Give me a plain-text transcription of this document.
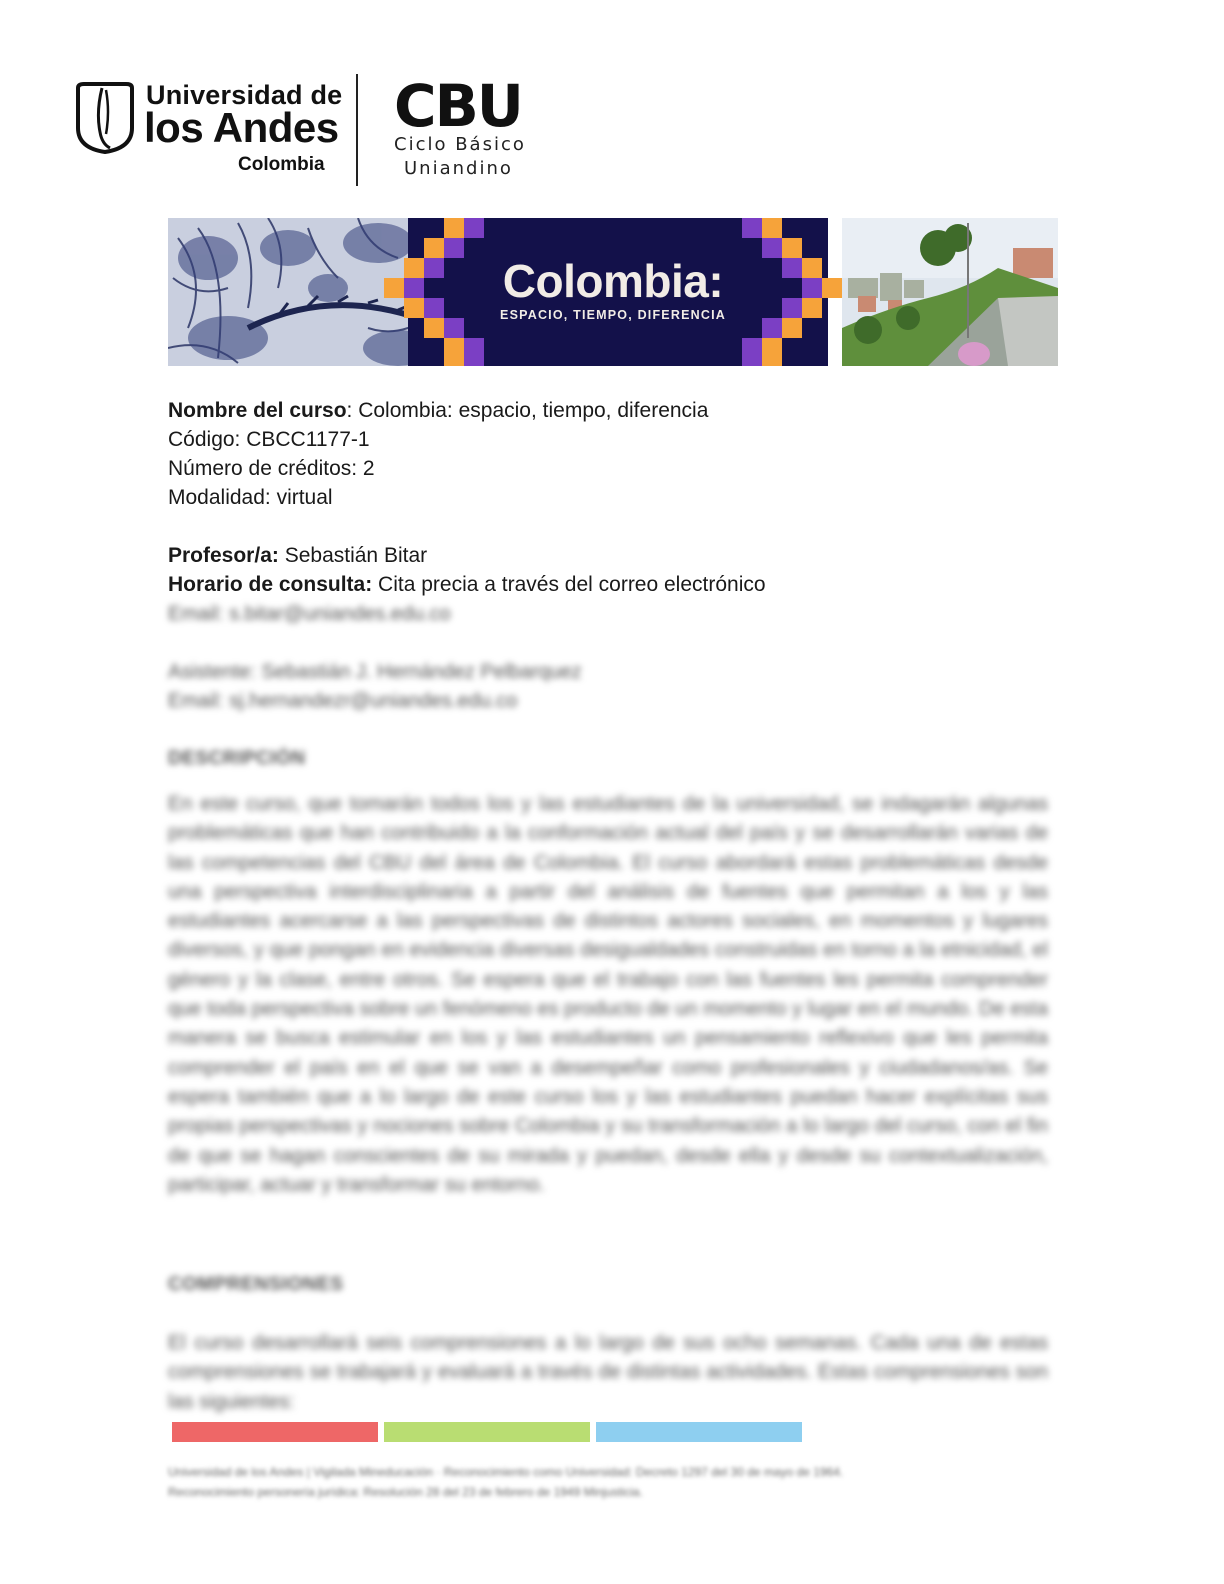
Universidad de
los Andes
Colombia
CBU
Ciclo Básico
Uniandino
Colombia:
ESPACIO, TIEMPO, DIFERENCIA
Nombre del curso: Colombia: espacio, tiempo, diferencia
Código: CBCC1177-1
Número de créditos: 2
Modalidad: virtual
Profesor/a: Sebastián Bitar
Horario de consulta: Cita precia a través del correo electrónico
Email: s.bitar@uniandes.edu.co
Asistente: Sebastián J. Hernández Pelbarquez
Email: sj.hernandezr@uniandes.edu.co
DESCRIPCIÓN
En este curso, que tomarán todos los y las estudiantes de la universidad, se indagarán algunas problemáticas que han contribuido a la conformación actual del país y se desarrollarán varias de las competencias del CBU del área de Colombia. El curso abordará estas problemáticas desde una perspectiva interdisciplinaria a partir del análisis de fuentes que permitan a los y las estudiantes acercarse a las perspectivas de distintos actores sociales, en momentos y lugares diversos, y que pongan en evidencia diversas desigualdades construidas en torno a la etnicidad, el género y la clase, entre otros. Se espera que el trabajo con las fuentes les permita comprender que toda perspectiva sobre un fenómeno es producto de un momento y lugar en el mundo. De esta manera se busca estimular en los y las estudiantes un pensamiento reflexivo que les permita comprender el país en el que se van a desempeñar como profesionales y ciudadanos/as. Se espera también que a lo largo de este curso los y las estudiantes puedan hacer explícitas sus propias perspectivas y nociones sobre Colombia y su transformación a lo largo del curso, con el fin de que se hagan conscientes de su mirada y puedan, desde ella y desde su contextualización, participar, actuar y transformar su entorno.
COMPRENSIONES
El curso desarrollará seis comprensiones a lo largo de sus ocho semanas. Cada una de estas comprensiones se trabajará y evaluará a través de distintas actividades. Estas comprensiones son las siguientes:
Universidad de los Andes | Vigilada Mineducación · Reconocimiento como Universidad: Decreto 1297 del 30 de mayo de 1964.
Reconocimiento personería jurídica: Resolución 28 del 23 de febrero de 1949 Minjusticia.
